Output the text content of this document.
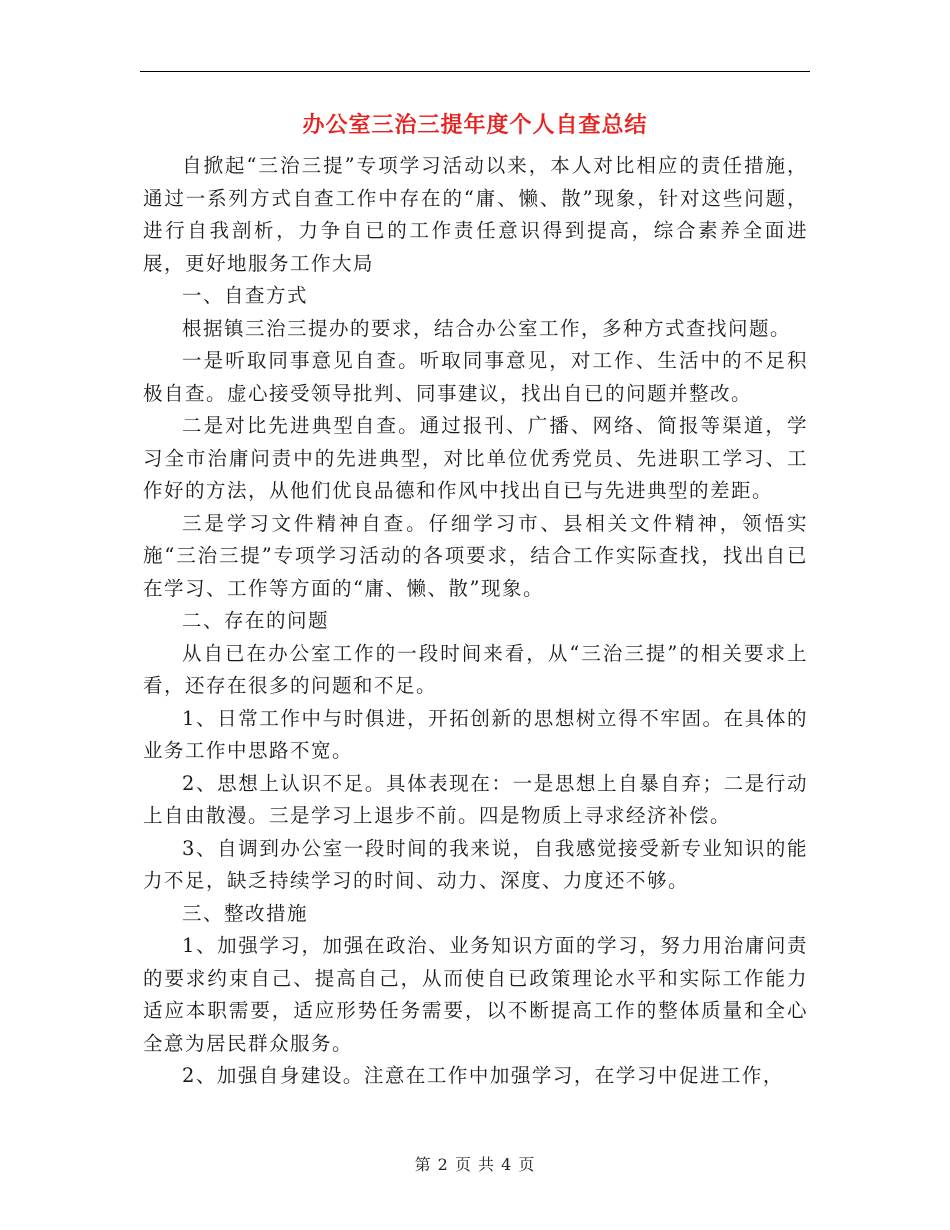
办公室三治三提年度个人自查总结

自掀起“三治三提”专项学习活动以来，本人对比相应的责任措施，通过一系列方式自查工作中存在的“庸、懒、散”现象，针对这些问题，进行自我剖析，力争自已的工作责任意识得到提高，综合素养全面进展，更好地服务工作大局

一、自查方式

根据镇三治三提办的要求，结合办公室工作，多种方式查找问题。

一是听取同事意见自查。听取同事意见，对工作、生活中的不足积极自查。虚心接受领导批判、同事建议，找出自已的问题并整改。

二是对比先进典型自查。通过报刊、广播、网络、简报等渠道，学习全市治庸问责中的先进典型，对比单位优秀党员、先进职工学习、工作好的方法，从他们优良品德和作风中找出自已与先进典型的差距。

三是学习文件精神自查。仔细学习市、县相关文件精神，领悟实施“三治三提”专项学习活动的各项要求，结合工作实际查找，找出自已在学习、工作等方面的“庸、懒、散”现象。

二、存在的问题

从自已在办公室工作的一段时间来看，从“三治三提”的相关要求上看，还存在很多的问题和不足。

1、日常工作中与时俱进，开拓创新的思想树立得不牢固。在具体的业务工作中思路不宽。

2、思想上认识不足。具体表现在：一是思想上自暴自弃；二是行动上自由散漫。三是学习上退步不前。四是物质上寻求经济补偿。

3、自调到办公室一段时间的我来说，自我感觉接受新专业知识的能力不足，缺乏持续学习的时间、动力、深度、力度还不够。

三、整改措施

1、加强学习，加强在政治、业务知识方面的学习，努力用治庸问责的要求约束自己、提高自己，从而使自已政策理论水平和实际工作能力适应本职需要，适应形势任务需要，以不断提高工作的整体质量和全心全意为居民群众服务。

2、加强自身建设。注意在工作中加强学习，在学习中促进工作，

第 2 页 共 4 页
